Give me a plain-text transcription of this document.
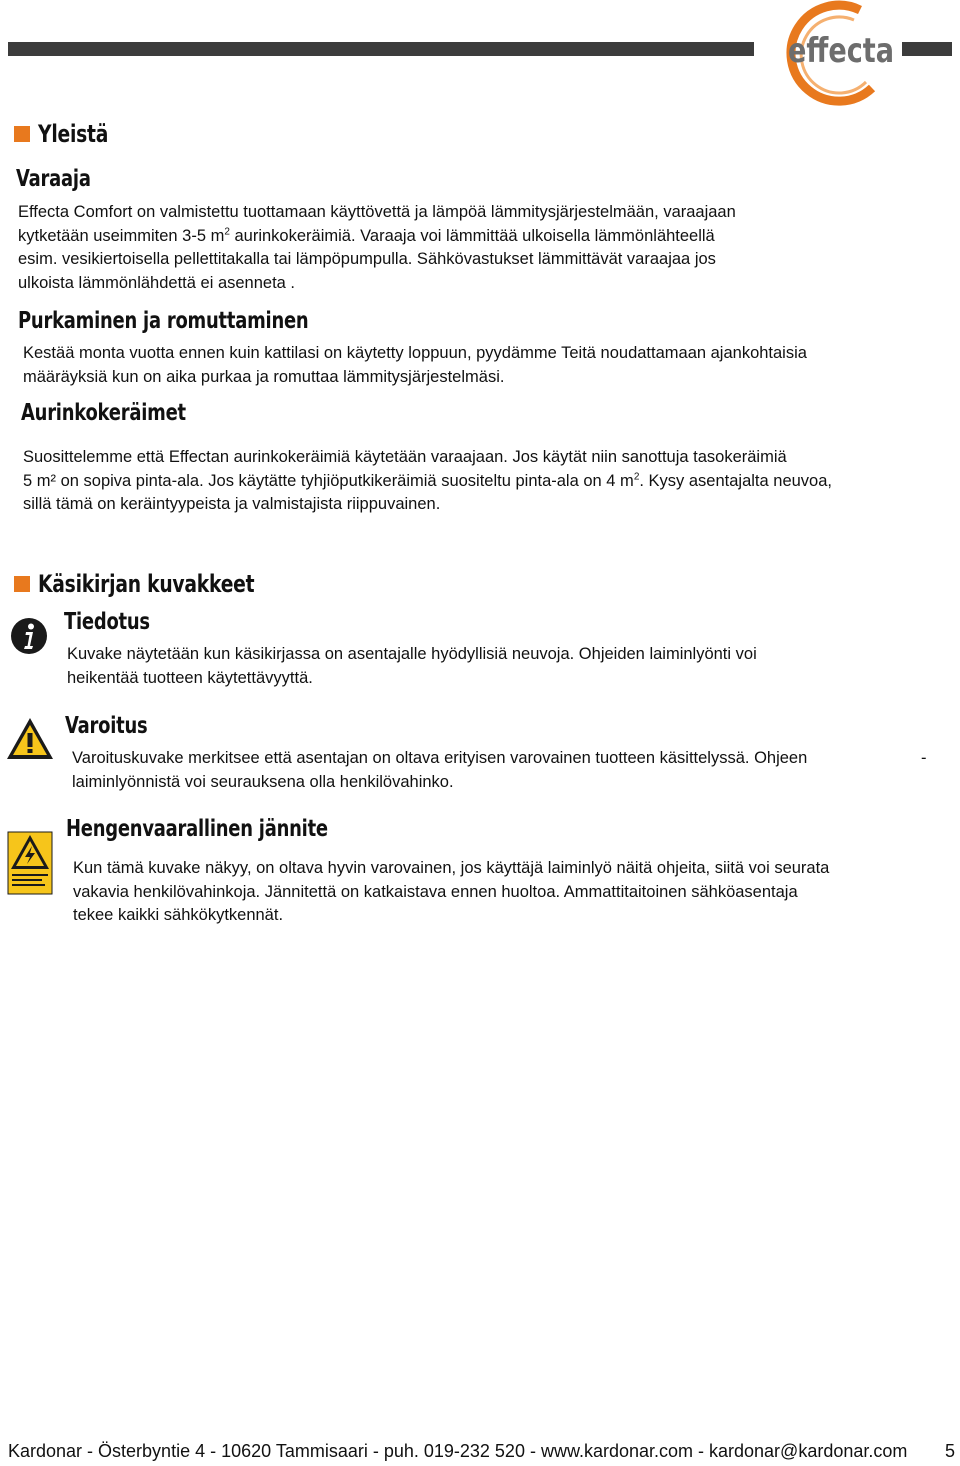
effecta
Yleistä
Varaaja
Effecta Comfort on valmistettu tuottamaan käyttövettä ja lämpöä lämmitysjärjestelmään, varaajaan
kytketään useimmiten 3-5 $m^2$ aurinkokeräimiä. Varaaja voi lämmittää ulkoisella lämmönlähteellä
esim. vesikiertoisella pellettitakalla tai lämpöpumpulla. Sähkövastukset lämmittävät varaajaa jos
ulkoista lämmönlähdettä ei asenneta .
Purkaminen ja romuttaminen
Kestää monta vuotta ennen kuin kattilasi on käytetty loppuun, pyydämme Teitä noudattamaan ajankohtaisia
määräyksiä kun on aika purkaa ja romuttaa lämmitysjärjestelmäsi.
Aurinkokeräimet
Suosittelemme että Effectan aurinkokeräimiä käytetään varaajaan. Jos käytät niin sanottuja tasokeräimiä
5 m² on sopiva pinta-ala. Jos käytätte tyhjiöputkikeräimiä suositeltu pinta-ala on 4 $m^2$. Kysy asentajalta neuvoa,
sillä tämä on keräintyypeista ja valmistajista riippuvainen.
Käsikirjan kuvakkeet
Tiedotus
Kuvake näytetään kun käsikirjassa on asentajalle hyödyllisiä neuvoja. Ohjeiden laiminlyönti voi
heikentää tuotteen käytettävyyttä.
Varoitus
Varoituskuvake merkitsee että asentajan on oltava erityisen varovainen tuotteen käsittelyssä. Ohjeen
laiminlyönnistä voi seurauksena olla henkilövahinko.
-
Hengenvaarallinen jännite
Kun tämä kuvake näkyy, on oltava hyvin varovainen, jos käyttäjä laiminlyö näitä ohjeita, siitä voi seurata
vakavia henkilövahinkoja. Jännitettä on katkaistava ennen huoltoa. Ammattitaitoinen sähköasentaja
tekee kaikki sähkökytkennät.
Kardonar - Österbyntie 4 - 10620 Tammisaari - puh. 019-232 520 - www.kardonar.com - kardonar@kardonar.com	5
